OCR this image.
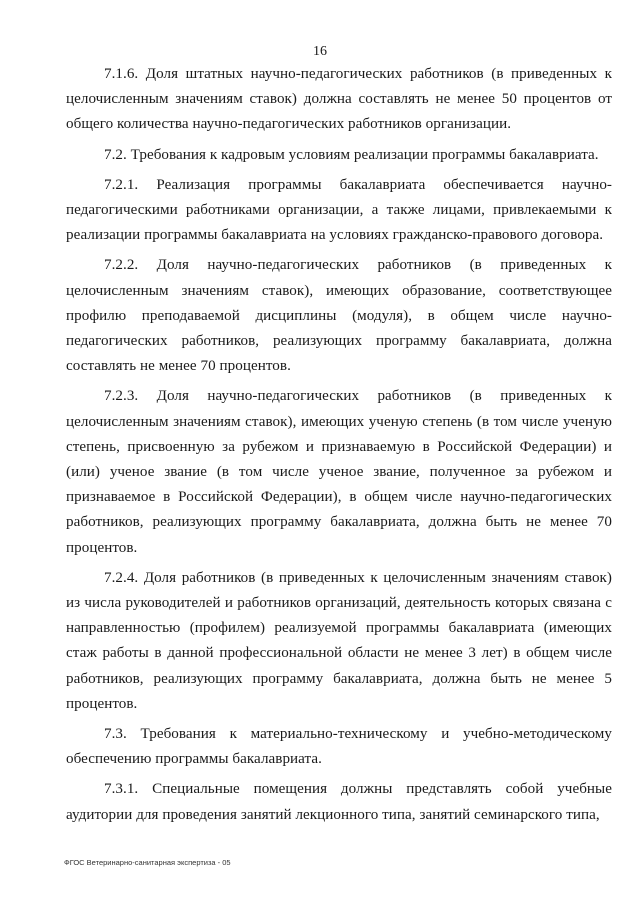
16

7.1.6. Доля штатных научно-педагогических работников (в приведенных к целочисленным значениям ставок) должна составлять не менее 50 процентов от общего количества научно-педагогических работников организации.

7.2. Требования к кадровым условиям реализации программы бакалавриата.

7.2.1. Реализация программы бакалавриата обеспечивается научно-педагогическими работниками организации, а также лицами, привлекаемыми к реализации программы бакалавриата на условиях гражданско-правового договора.

7.2.2. Доля научно-педагогических работников (в приведенных к целочисленным значениям ставок), имеющих образование, соответствующее профилю преподаваемой дисциплины (модуля), в общем числе научно-педагогических работников, реализующих программу бакалавриата, должна составлять не менее 70 процентов.

7.2.3. Доля научно-педагогических работников (в приведенных к целочисленным значениям ставок), имеющих ученую степень (в том числе ученую степень, присвоенную за рубежом и признаваемую в Российской Федерации) и (или) ученое звание (в том числе ученое звание, полученное за рубежом и признаваемое в Российской Федерации), в общем числе научно-педагогических работников, реализующих программу бакалавриата, должна быть не менее 70 процентов.

7.2.4. Доля работников (в приведенных к целочисленным значениям ставок) из числа руководителей и работников организаций, деятельность которых связана с направленностью (профилем) реализуемой программы бакалавриата (имеющих стаж работы в данной профессиональной области не менее 3 лет) в общем числе работников, реализующих программу бакалавриата, должна быть не менее 5 процентов.

7.3. Требования к материально-техническому и учебно-методическому обеспечению программы бакалавриата.

7.3.1. Специальные помещения должны представлять собой учебные аудитории для проведения занятий лекционного типа, занятий семинарского типа,

ФГОС Ветеринарно-санитарная экспертиза - 05
